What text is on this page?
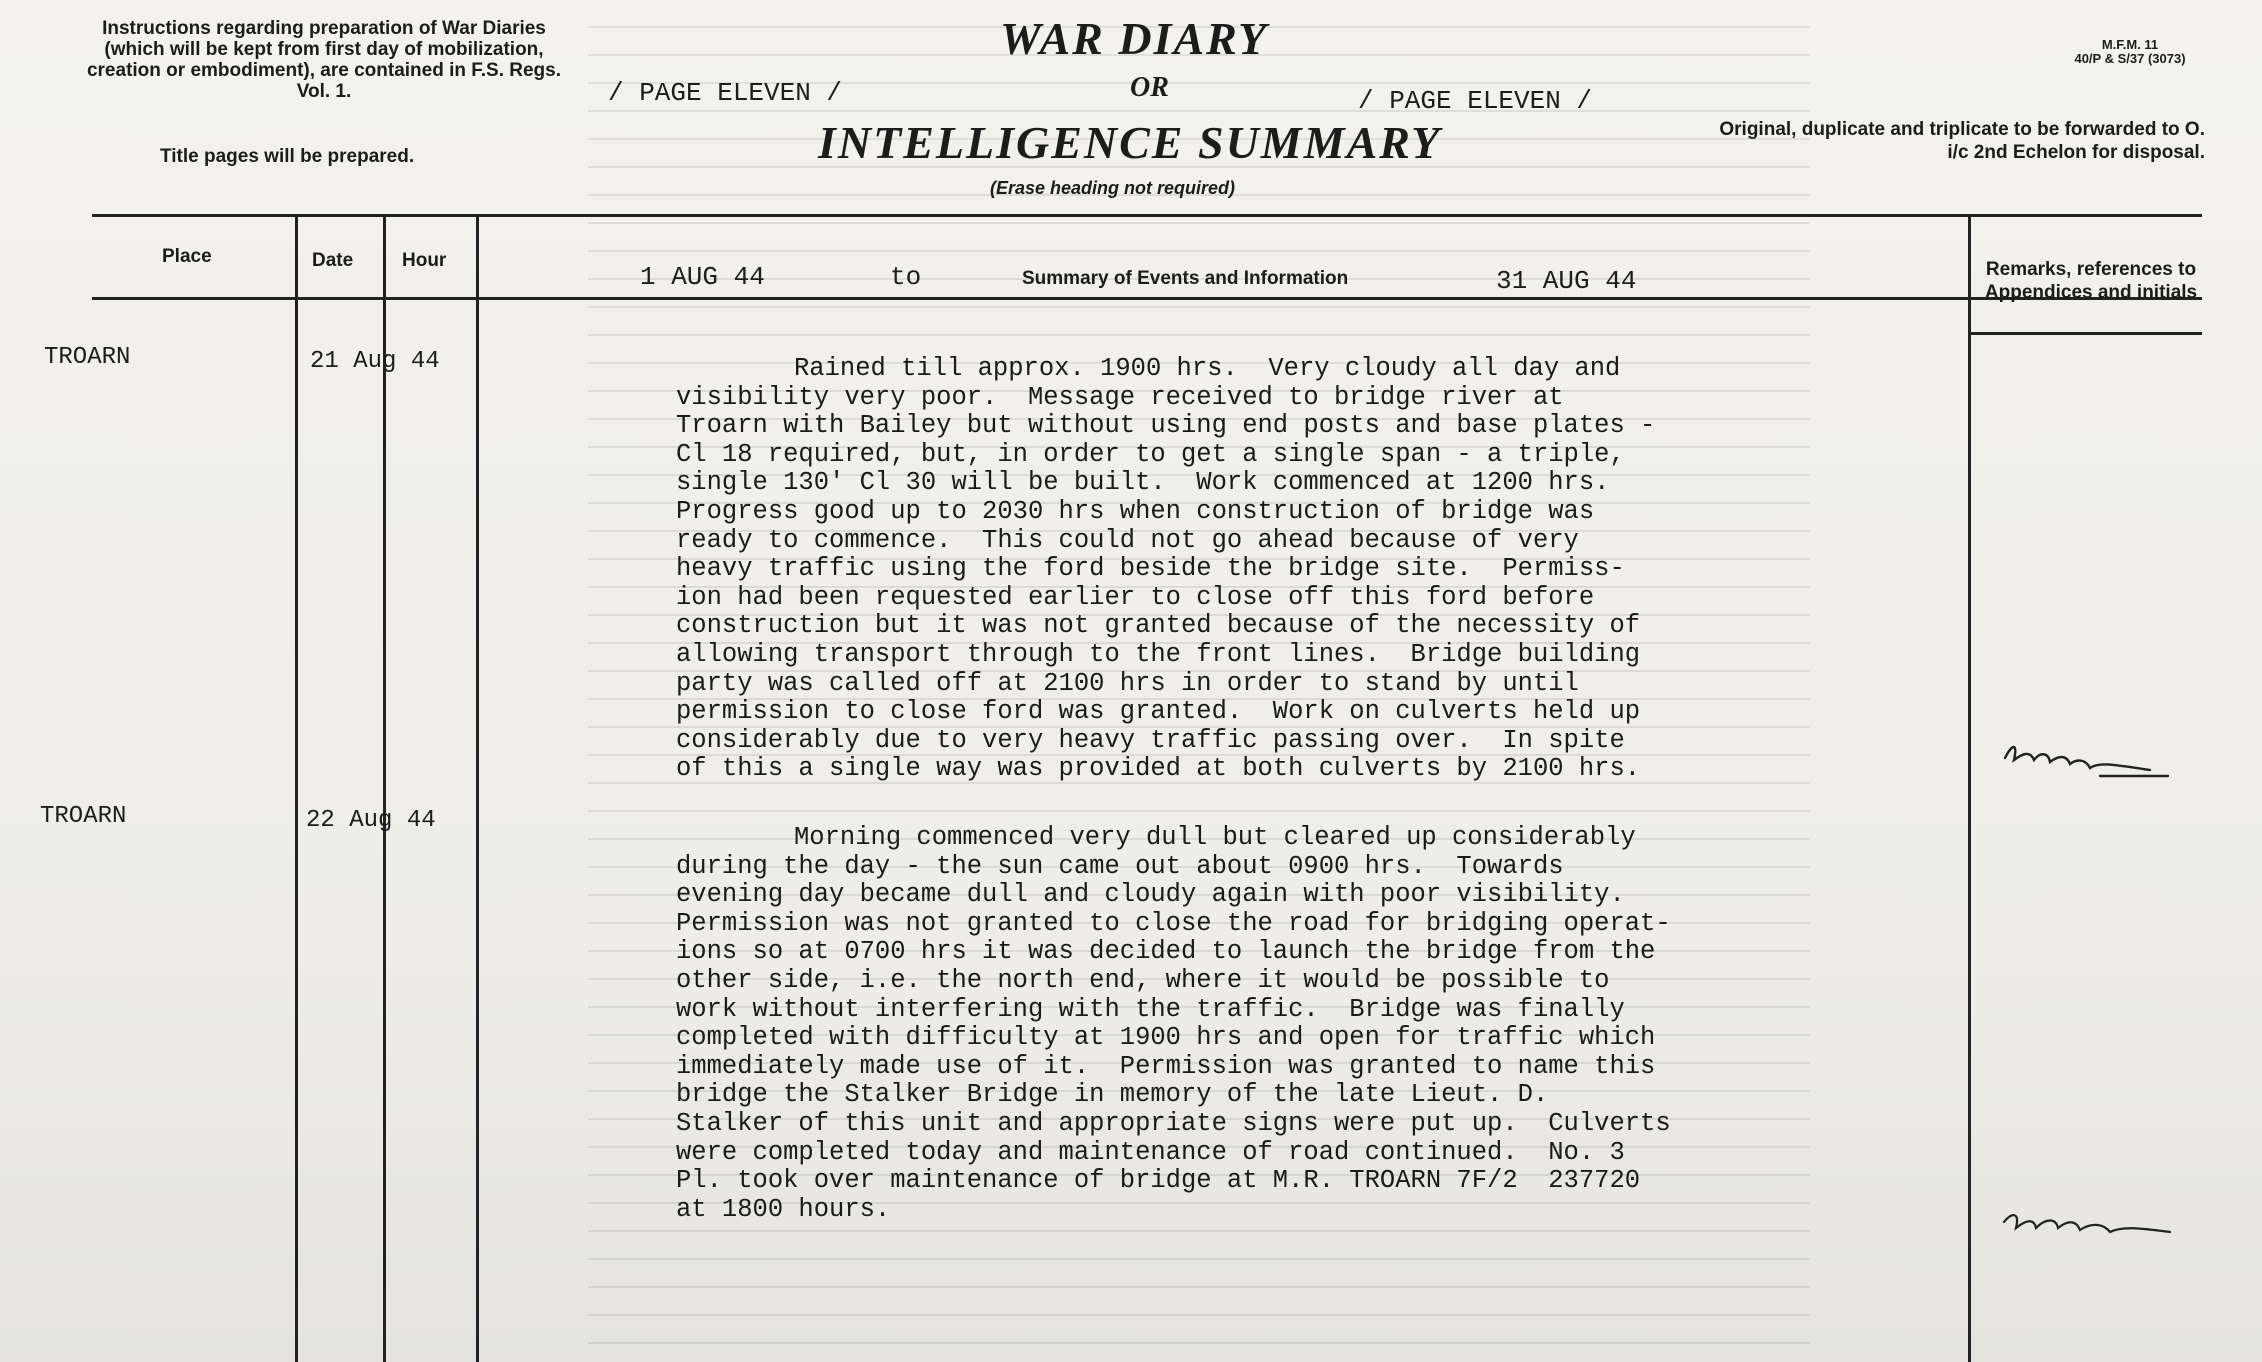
Instructions regarding preparation of War Diaries (which will be kept from first day of mobilization, creation or embodiment), are contained in F.S. Regs. Vol. 1.
Title pages will be prepared.
WAR DIARY
OR
INTELLIGENCE SUMMARY
(Erase heading not required)
/ PAGE ELEVEN /	/ PAGE ELEVEN /
M.F.M. 11
40/P & S/37 (3073)
Original, duplicate and triplicate to be forwarded to O. i/c 2nd Echelon for disposal.
Place	Date	Hour
Summary of Events and Information	Remarks, references to Appendices and initials
1 AUG 44	to	31 AUG 44
TROARN	21 Aug 44	Rained till approx. 1900 hrs.  Very cloudy all day and
visibility very poor.  Message received to bridge river at
Troarn with Bailey but without using end posts and base plates -
Cl 18 required, but, in order to get a single span - a triple,
single 130' Cl 30 will be built.  Work commenced at 1200 hrs.
Progress good up to 2030 hrs when construction of bridge was
ready to commence.  This could not go ahead because of very
heavy traffic using the ford beside the bridge site.  Permiss-
ion had been requested earlier to close off this ford before
construction but it was not granted because of the necessity of
allowing transport through to the front lines.  Bridge building
party was called off at 2100 hrs in order to stand by until
permission to close ford was granted.  Work on culverts held up
considerably due to very heavy traffic passing over.  In spite
of this a single way was provided at both culverts by 2100 hrs.
TROARN	22 Aug 44
Morning commenced very dull but cleared up considerably
during the day - the sun came out about 0900 hrs.  Towards
evening day became dull and cloudy again with poor visibility.
Permission was not granted to close the road for bridging operat-
ions so at 0700 hrs it was decided to launch the bridge from the
other side, i.e. the north end, where it would be possible to
work without interfering with the traffic.  Bridge was finally
completed with difficulty at 1900 hrs and open for traffic which
immediately made use of it.  Permission was granted to name this
bridge the Stalker Bridge in memory of the late Lieut. D.
Stalker of this unit and appropriate signs were put up.  Culverts
were completed today and maintenance of road continued.  No. 3
Pl. took over maintenance of bridge at M.R. TROARN 7F/2  237720
at 1800 hours.
